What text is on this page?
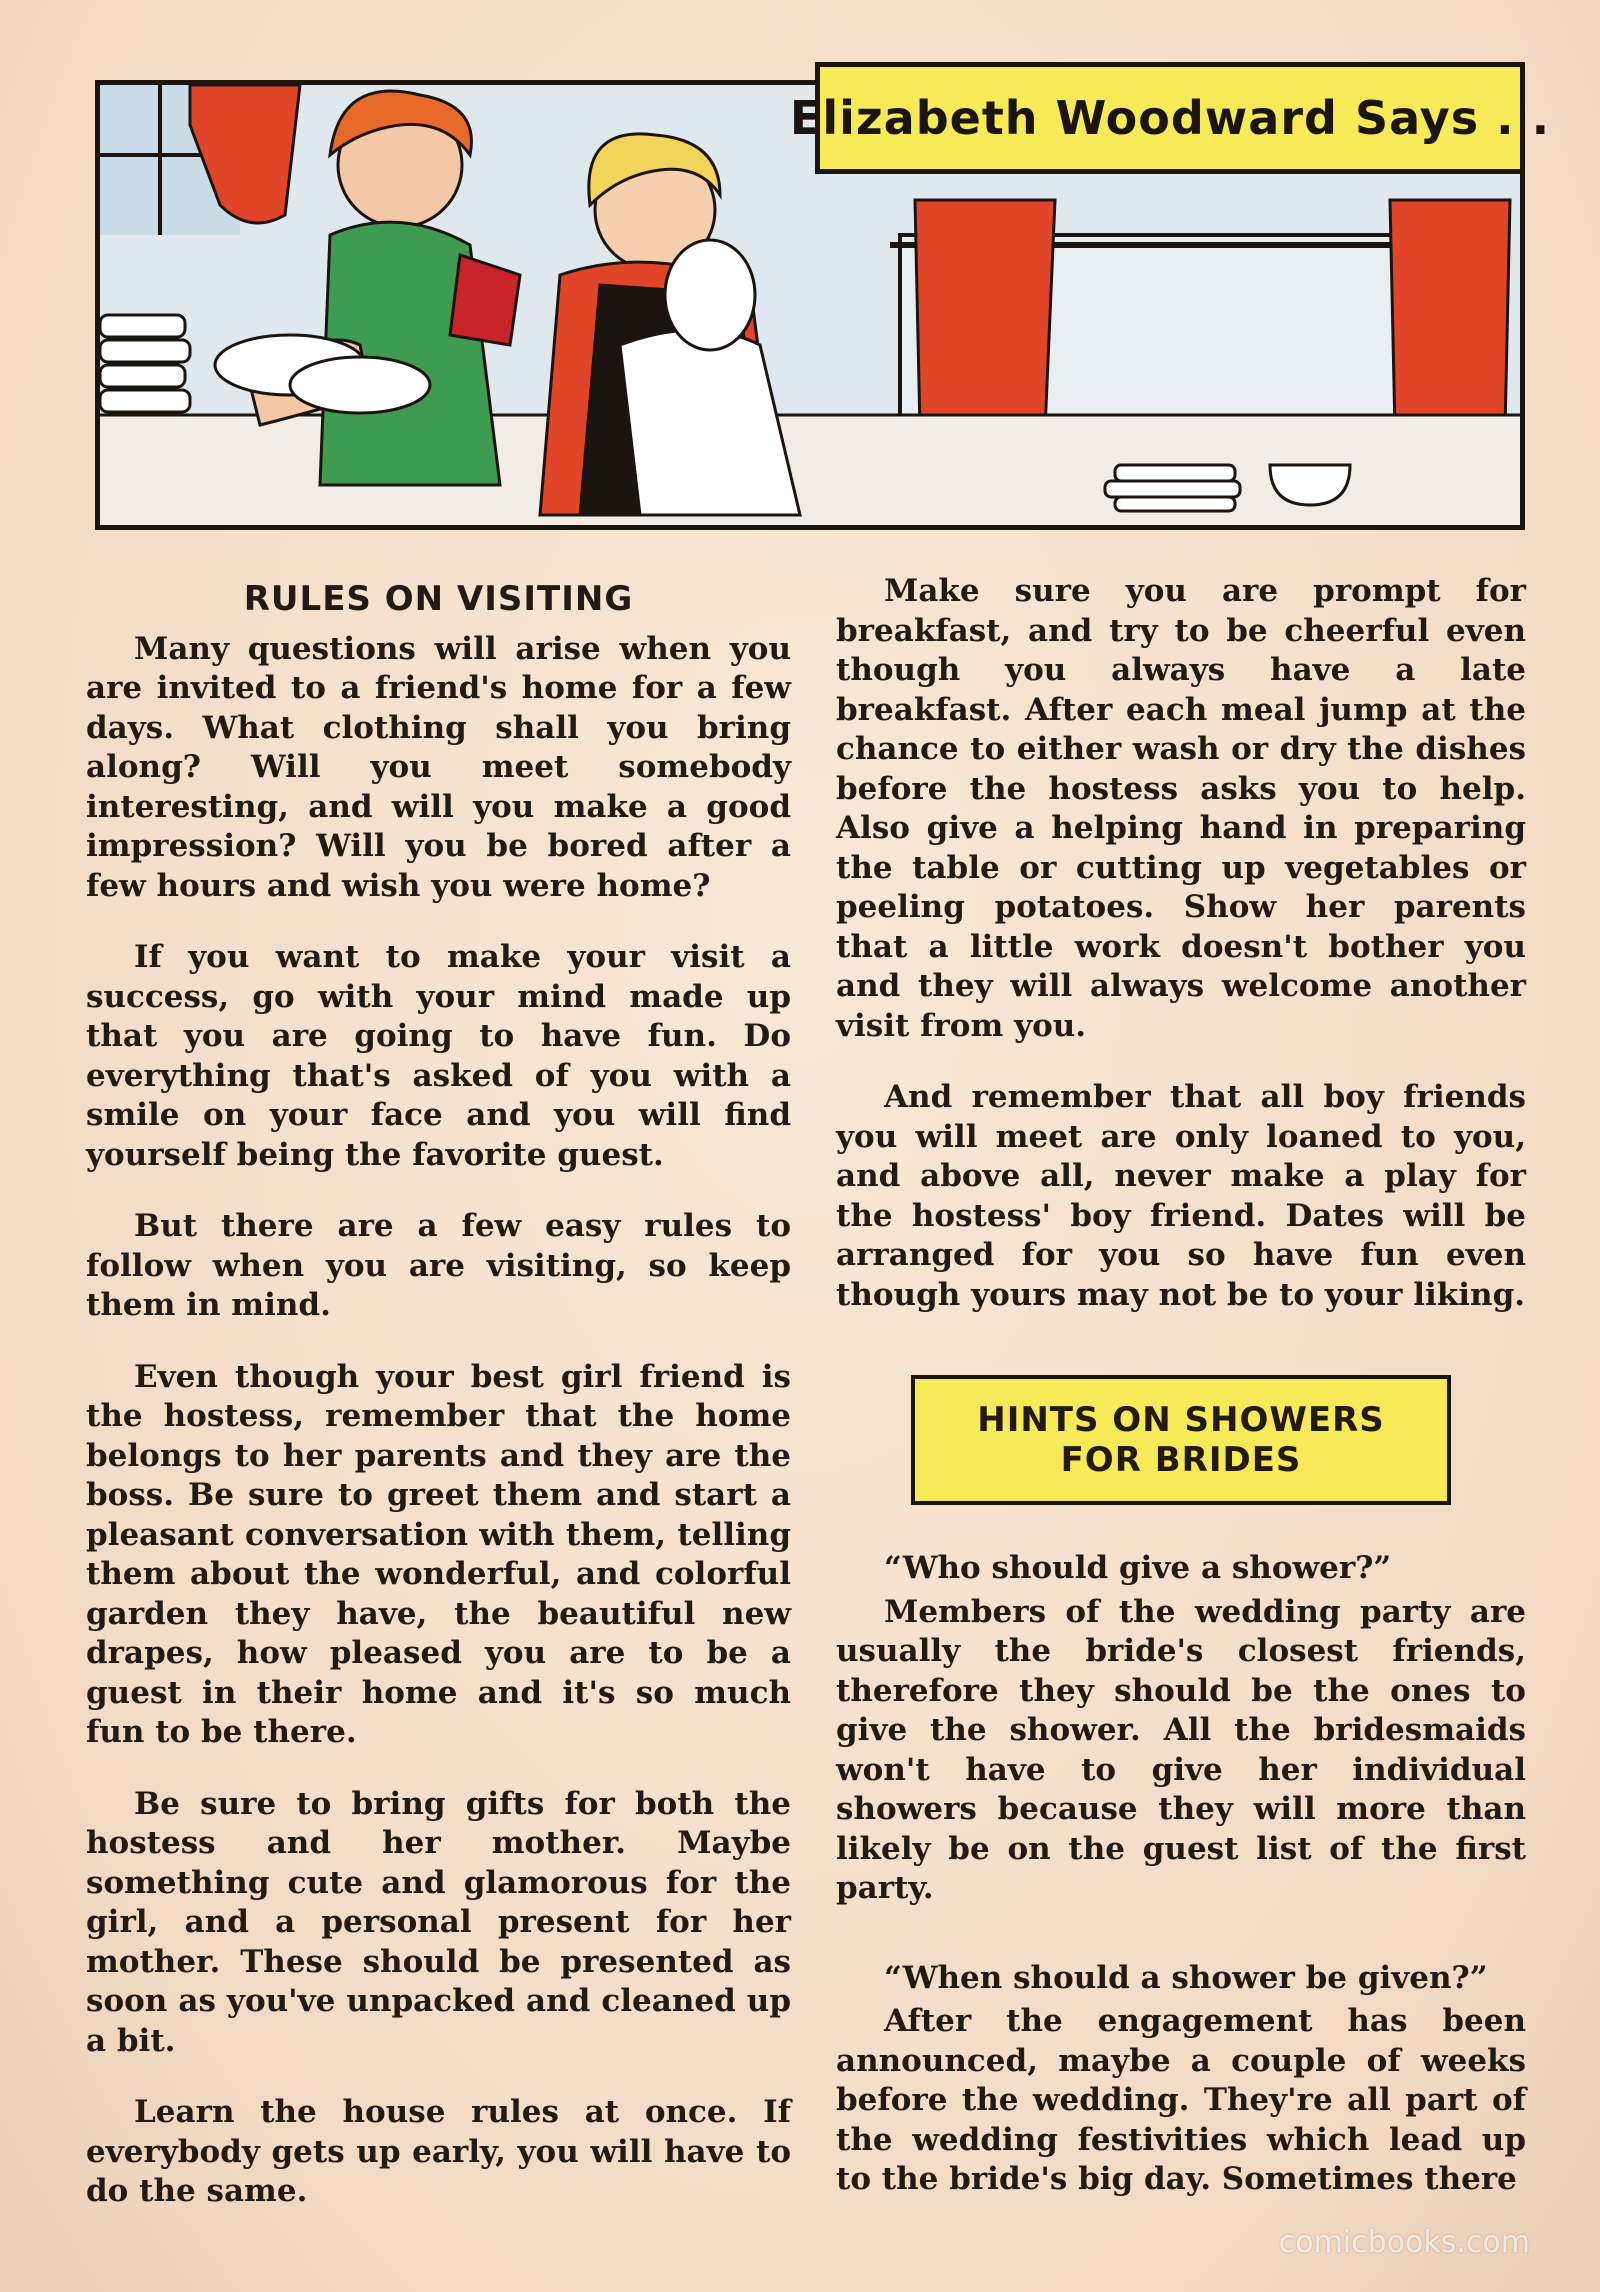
Elizabeth Woodward Says . .
RULES ON VISITING

Many questions will arise when you are invited to a friend's home for a few days. What clothing shall you bring along? Will you meet somebody interesting, and will you make a good impression? Will you be bored after a few hours and wish you were home?

If you want to make your visit a success, go with your mind made up that you are going to have fun. Do everything that's asked of you with a smile on your face and you will find yourself being the favorite guest.

But there are a few easy rules to follow when you are visiting, so keep them in mind.

Even though your best girl friend is the hostess, remember that the home belongs to her parents and they are the boss. Be sure to greet them and start a pleasant conversation with them, telling them about the wonderful, and colorful garden they have, the beautiful new drapes, how pleased you are to be a guest in their home and it's so much fun to be there.

Be sure to bring gifts for both the hostess and her mother. Maybe something cute and glamorous for the girl, and a personal present for her mother. These should be presented as soon as you've unpacked and cleaned up a bit.

Learn the house rules at once. If everybody gets up early, you will have to do the same.

Make sure you are prompt for breakfast, and try to be cheerful even though you always have a late breakfast. After each meal jump at the chance to either wash or dry the dishes before the hostess asks you to help. Also give a helping hand in preparing the table or cutting up vegetables or peeling potatoes. Show her parents that a little work doesn't bother you and they will always welcome another visit from you.

And remember that all boy friends you will meet are only loaned to you, and above all, never make a play for the hostess' boy friend. Dates will be arranged for you so have fun even though yours may not be to your liking.

HINTS ON SHOWERS
FOR BRIDES

“Who should give a shower?”

Members of the wedding party are usually the bride's closest friends, therefore they should be the ones to give the shower. All the bridesmaids won't have to give her individual showers because they will more than likely be on the guest list of the first party.

“When should a shower be given?”

After the engagement has been announced, maybe a couple of weeks before the wedding. They're all part of the wedding festivities which lead up to the bride's big day. Sometimes there

comicbooks.com
